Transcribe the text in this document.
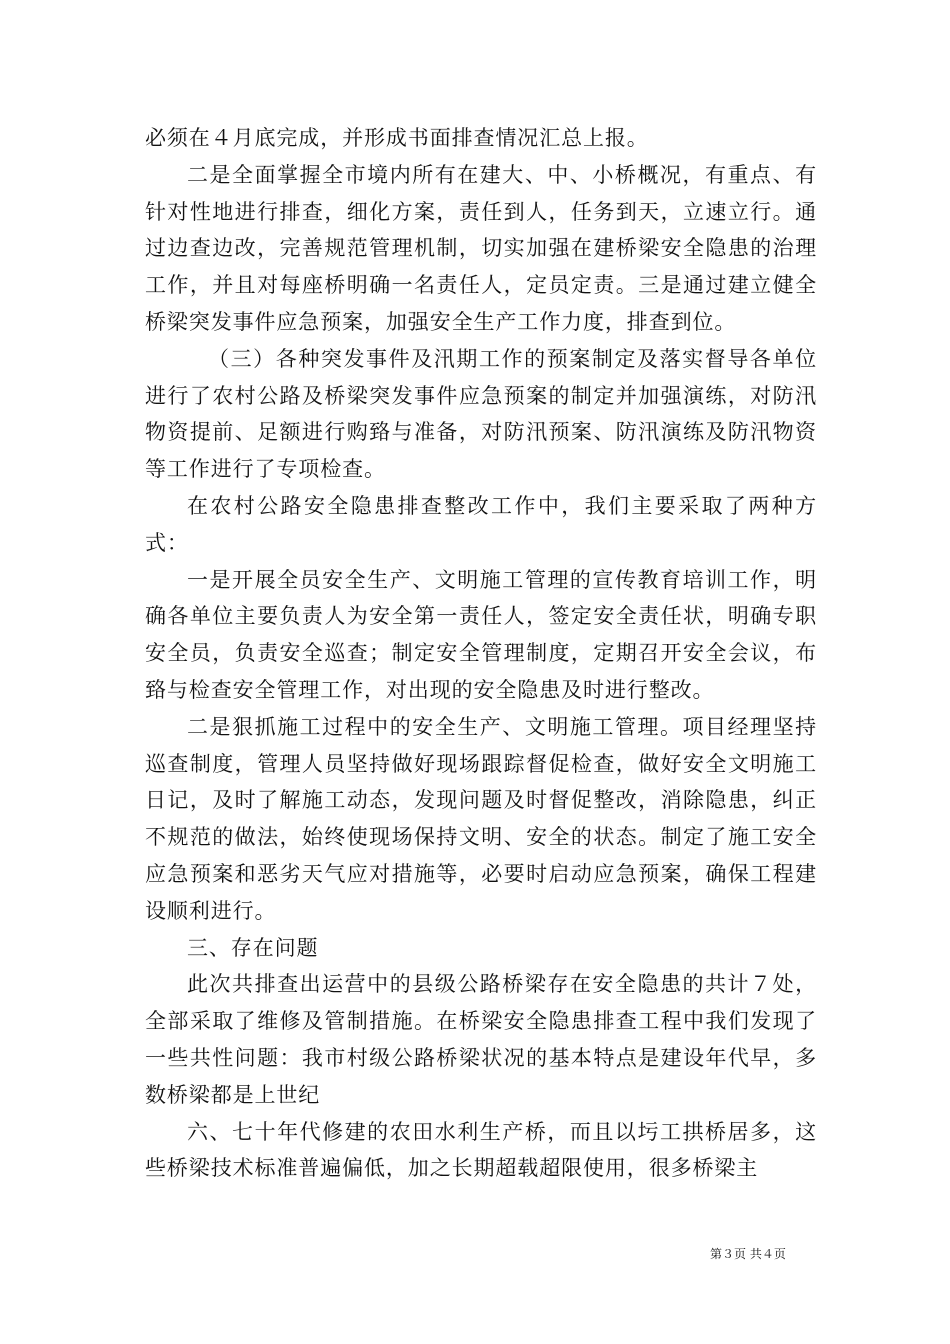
必须在４月底完成，并形成书面排查情况汇总上报。

二是全面掌握全市境内所有在建大、中、小桥概况，有重点、有针对性地进行排查，细化方案，责任到人，任务到天，立速立行。通过边查边改，完善规范管理机制，切实加强在建桥梁安全隐患的治理工作，并且对每座桥明确一名责任人，定员定责。三是通过建立健全桥梁突发事件应急预案，加强安全生产工作力度，排查到位。

（三）各种突发事件及汛期工作的预案制定及落实督导各单位进行了农村公路及桥梁突发事件应急预案的制定并加强演练，对防汛物资提前、足额进行购臵与准备，对防汛预案、防汛演练及防汛物资等工作进行了专项检查。

在农村公路安全隐患排查整改工作中，我们主要采取了两种方式：

一是开展全员安全生产、文明施工管理的宣传教育培训工作，明确各单位主要负责人为安全第一责任人，签定安全责任状，明确专职安全员，负责安全巡查；制定安全管理制度，定期召开安全会议，布臵与检查安全管理工作，对出现的安全隐患及时进行整改。

二是狠抓施工过程中的安全生产、文明施工管理。项目经理坚持巡查制度，管理人员坚持做好现场跟踪督促检查，做好安全文明施工日记，及时了解施工动态，发现问题及时督促整改，消除隐患，纠正不规范的做法，始终使现场保持文明、安全的状态。制定了施工安全应急预案和恶劣天气应对措施等，必要时启动应急预案，确保工程建设顺利进行。

三、存在问题

此次共排查出运营中的县级公路桥梁存在安全隐患的共计７处，全部采取了维修及管制措施。在桥梁安全隐患排查工程中我们发现了一些共性问题：我市村级公路桥梁状况的基本特点是建设年代早，多数桥梁都是上世纪

六、七十年代修建的农田水利生产桥，而且以圬工拱桥居多，这些桥梁技术标准普遍偏低，加之长期超载超限使用，很多桥梁主

第３页 共４页
